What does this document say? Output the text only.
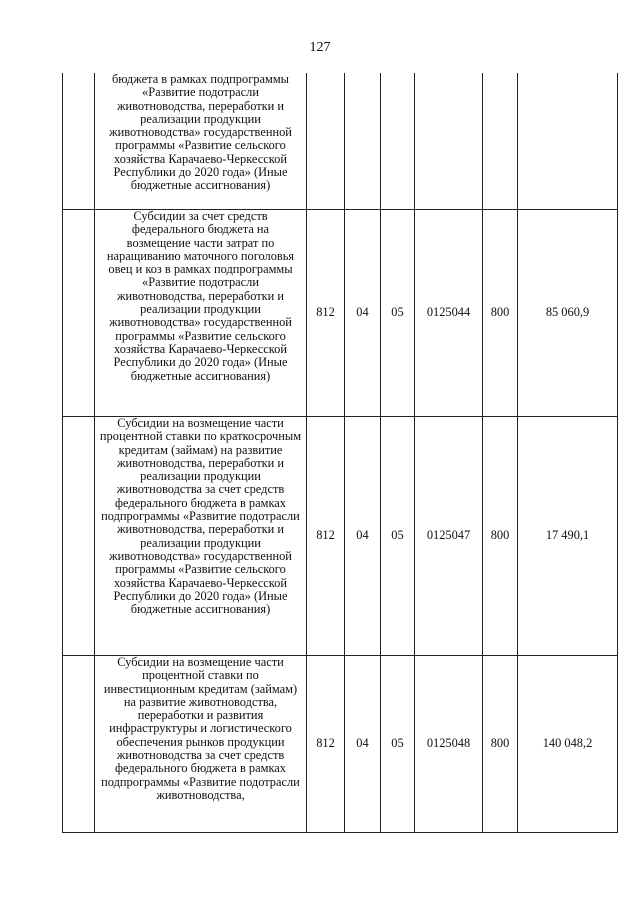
127
	бюджета в рамках подпрограммы «Развитие подотрасли животноводства, переработки и реализации продукции животноводства» государственной программы «Развитие сельского хозяйства Карачаево-Черкесской Республики до 2020 года» (Иные бюджетные ассигнования)						
	Субсидии за счет средств федерального бюджета на возмещение части затрат по наращиванию маточного поголовья овец и коз в рамках подпрограммы «Развитие подотрасли животноводства, переработки и реализации продукции животноводства» государственной программы «Развитие сельского хозяйства Карачаево-Черкесской Республики до 2020 года» (Иные бюджетные ассигнования)	812	04	05	0125044	800	85 060,9
	Субсидии на возмещение части процентной ставки по краткосрочным кредитам (займам) на развитие животноводства, переработки и реализации продукции животноводства за счет средств федерального бюджета в рамках подпрограммы «Развитие подотрасли животноводства, переработки и реализации продукции животноводства» государственной программы «Развитие сельского хозяйства Карачаево-Черкесской Республики до 2020 года» (Иные бюджетные ассигнования)	812	04	05	0125047	800	17 490,1
	Субсидии на возмещение части процентной ставки по инвестиционным кредитам (займам) на развитие животноводства, переработки и развития инфраструктуры и логистического обеспечения рынков продукции животноводства за счет средств федерального бюджета в рамках подпрограммы «Развитие подотрасли животноводства,	812	04	05	0125048	800	140 048,2
